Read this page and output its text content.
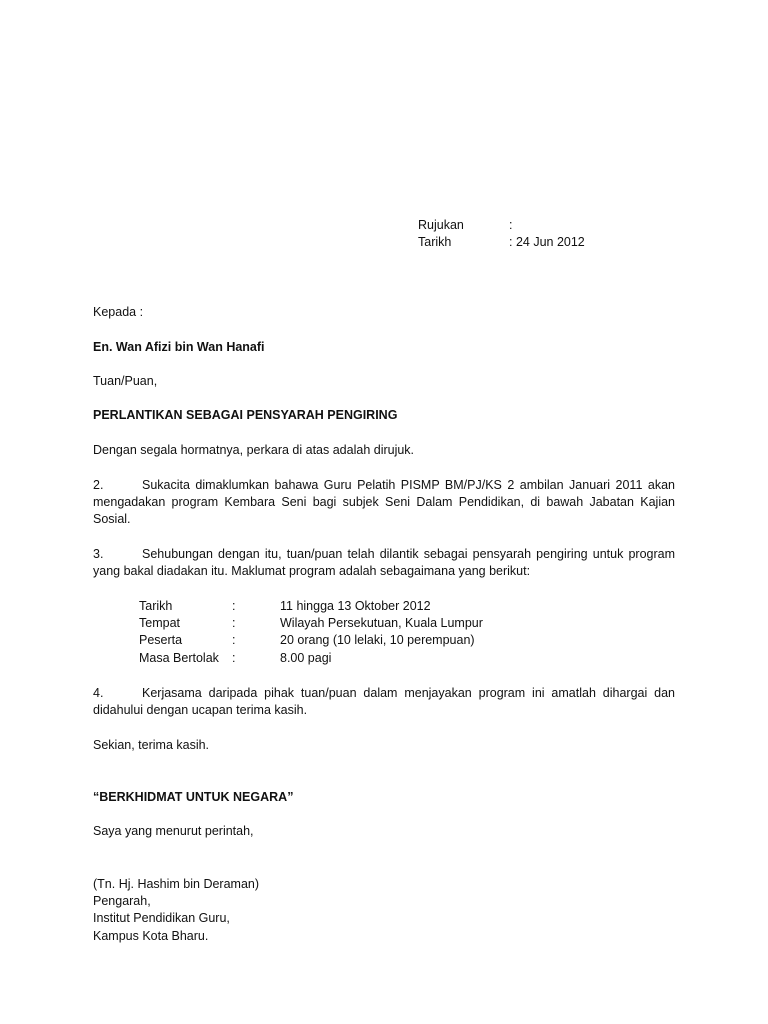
Rujukan	:
Tarikh	: 24 Jun 2012
Kepada :
En. Wan Afizi bin Wan Hanafi
Tuan/Puan,
PERLANTIKAN SEBAGAI PENSYARAH PENGIRING
Dengan segala hormatnya, perkara di atas adalah dirujuk.
2.	Sukacita dimaklumkan bahawa Guru Pelatih PISMP BM/PJ/KS 2 ambilan Januari 2011 akan mengadakan program Kembara Seni bagi subjek Seni Dalam Pendidikan, di bawah Jabatan Kajian Sosial.
3.	Sehubungan dengan itu, tuan/puan telah dilantik sebagai pensyarah pengiring untuk program yang bakal diadakan itu. Maklumat program adalah sebagaimana yang berikut:
Tarikh	:	11 hingga 13 Oktober 2012
Tempat	:	Wilayah Persekutuan, Kuala Lumpur
Peserta	:	20 orang (10 lelaki, 10 perempuan)
Masa Bertolak :	8.00 pagi
4.	Kerjasama daripada pihak tuan/puan dalam menjayakan program ini amatlah dihargai dan didahului dengan ucapan terima kasih.
Sekian, terima kasih.
“BERKHIDMAT UNTUK NEGARA”
Saya yang menurut perintah,
(Tn. Hj. Hashim bin Deraman)
Pengarah,
Institut Pendidikan Guru,
Kampus Kota Bharu.
